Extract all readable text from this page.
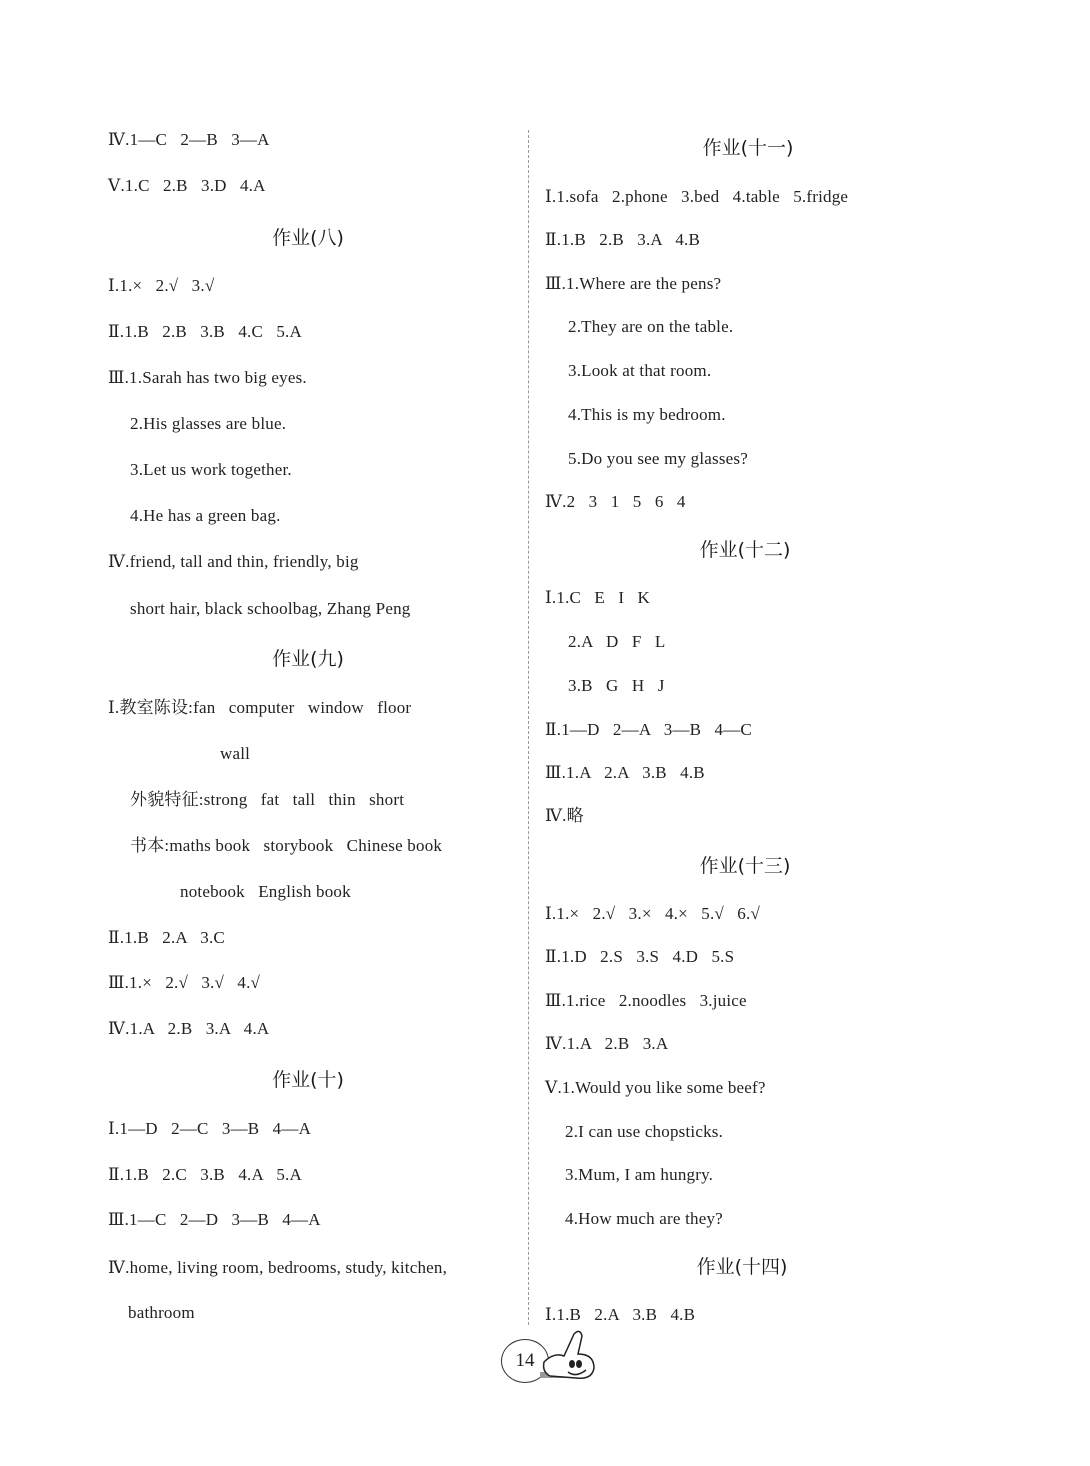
Ⅳ.1—C   2—B   3—A
Ⅴ.1.C   2.B   3.D   4.A
作业(八)
Ⅰ.1.×   2.√   3.√
Ⅱ.1.B   2.B   3.B   4.C   5.A
Ⅲ.1.Sarah has two big eyes.
2.His glasses are blue.
3.Let us work together.
4.He has a green bag.
Ⅳ.friend, tall and thin, friendly, big
short hair, black schoolbag, Zhang Peng
作业(九)
Ⅰ.教室陈设:fan   computer   window   floor
wall
外貌特征:strong   fat   tall   thin   short
书本:maths book   storybook   Chinese book
notebook   English book
Ⅱ.1.B   2.A   3.C
Ⅲ.1.×   2.√   3.√   4.√
Ⅳ.1.A   2.B   3.A   4.A
作业(十)
Ⅰ.1—D   2—C   3—B   4—A
Ⅱ.1.B   2.C   3.B   4.A   5.A
Ⅲ.1—C   2—D   3—B   4—A
Ⅳ.home, living room, bedrooms, study, kitchen,
bathroom
作业(十一)
Ⅰ.1.sofa   2.phone   3.bed   4.table   5.fridge
Ⅱ.1.B   2.B   3.A   4.B
Ⅲ.1.Where are the pens?
2.They are on the table.
3.Look at that room.
4.This is my bedroom.
5.Do you see my glasses?
Ⅳ.2   3   1   5   6   4
作业(十二)
Ⅰ.1.C   E   I   K
2.A   D   F   L
3.B   G   H   J
Ⅱ.1—D   2—A   3—B   4—C
Ⅲ.1.A   2.A   3.B   4.B
Ⅳ.略
作业(十三)
Ⅰ.1.×   2.√   3.×   4.×   5.√   6.√
Ⅱ.1.D   2.S   3.S   4.D   5.S
Ⅲ.1.rice   2.noodles   3.juice
Ⅳ.1.A   2.B   3.A
Ⅴ.1.Would you like some beef?
2.I can use chopsticks.
3.Mum, I am hungry.
4.How much are they?
作业(十四)
Ⅰ.1.B   2.A   3.B   4.B
14
